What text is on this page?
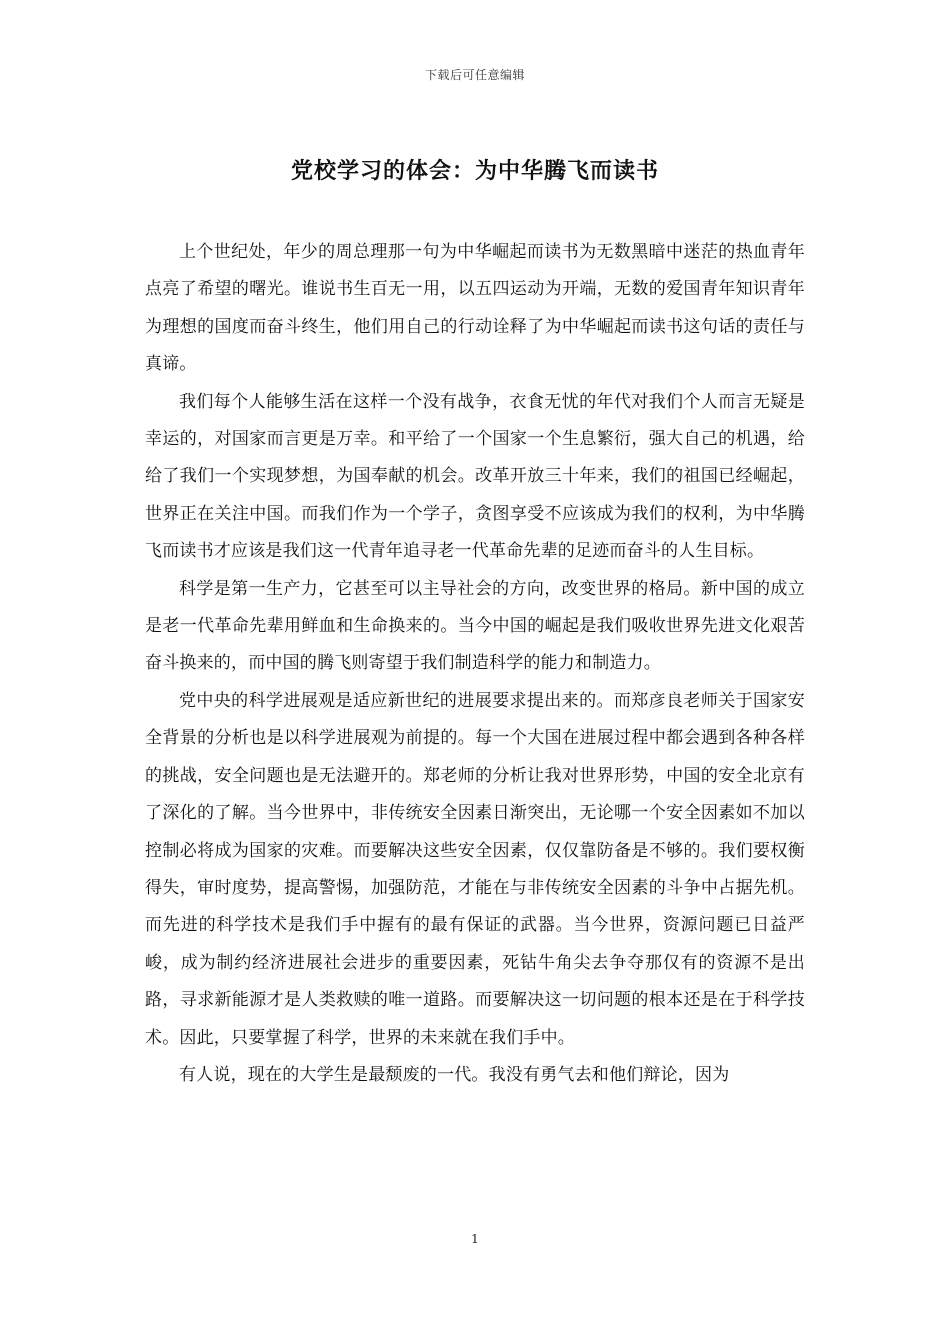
下载后可任意编辑
党校学习的体会：为中华腾飞而读书

上个世纪处，年少的周总理那一句为中华崛起而读书为无数黑暗中迷茫的热血青年点亮了希望的曙光。谁说书生百无一用，以五四运动为开端，无数的爱国青年知识青年为理想的国度而奋斗终生，他们用自己的行动诠释了为中华崛起而读书这句话的责任与真谛。

我们每个人能够生活在这样一个没有战争，衣食无忧的年代对我们个人而言无疑是幸运的，对国家而言更是万幸。和平给了一个国家一个生息繁衍，强大自己的机遇，给给了我们一个实现梦想，为国奉献的机会。改革开放三十年来，我们的祖国已经崛起，世界正在关注中国。而我们作为一个学子，贪图享受不应该成为我们的权利，为中华腾飞而读书才应该是我们这一代青年追寻老一代革命先辈的足迹而奋斗的人生目标。

科学是第一生产力，它甚至可以主导社会的方向，改变世界的格局。新中国的成立是老一代革命先辈用鲜血和生命换来的。当今中国的崛起是我们吸收世界先进文化艰苦奋斗换来的，而中国的腾飞则寄望于我们制造科学的能力和制造力。

党中央的科学进展观是适应新世纪的进展要求提出来的。而郑彦良老师关于国家安全背景的分析也是以科学进展观为前提的。每一个大国在进展过程中都会遇到各种各样的挑战，安全问题也是无法避开的。郑老师的分析让我对世界形势，中国的安全北京有了深化的了解。当今世界中，非传统安全因素日渐突出，无论哪一个安全因素如不加以控制必将成为国家的灾难。而要解决这些安全因素，仅仅靠防备是不够的。我们要权衡得失，审时度势，提高警惕，加强防范，才能在与非传统安全因素的斗争中占据先机。而先进的科学技术是我们手中握有的最有保证的武器。当今世界，资源问题已日益严峻，成为制约经济进展社会进步的重要因素，死钻牛角尖去争夺那仅有的资源不是出路，寻求新能源才是人类救赎的唯一道路。而要解决这一切问题的根本还是在于科学技术。因此，只要掌握了科学，世界的未来就在我们手中。

有人说，现在的大学生是最颓废的一代。我没有勇气去和他们辩论，因为

1
